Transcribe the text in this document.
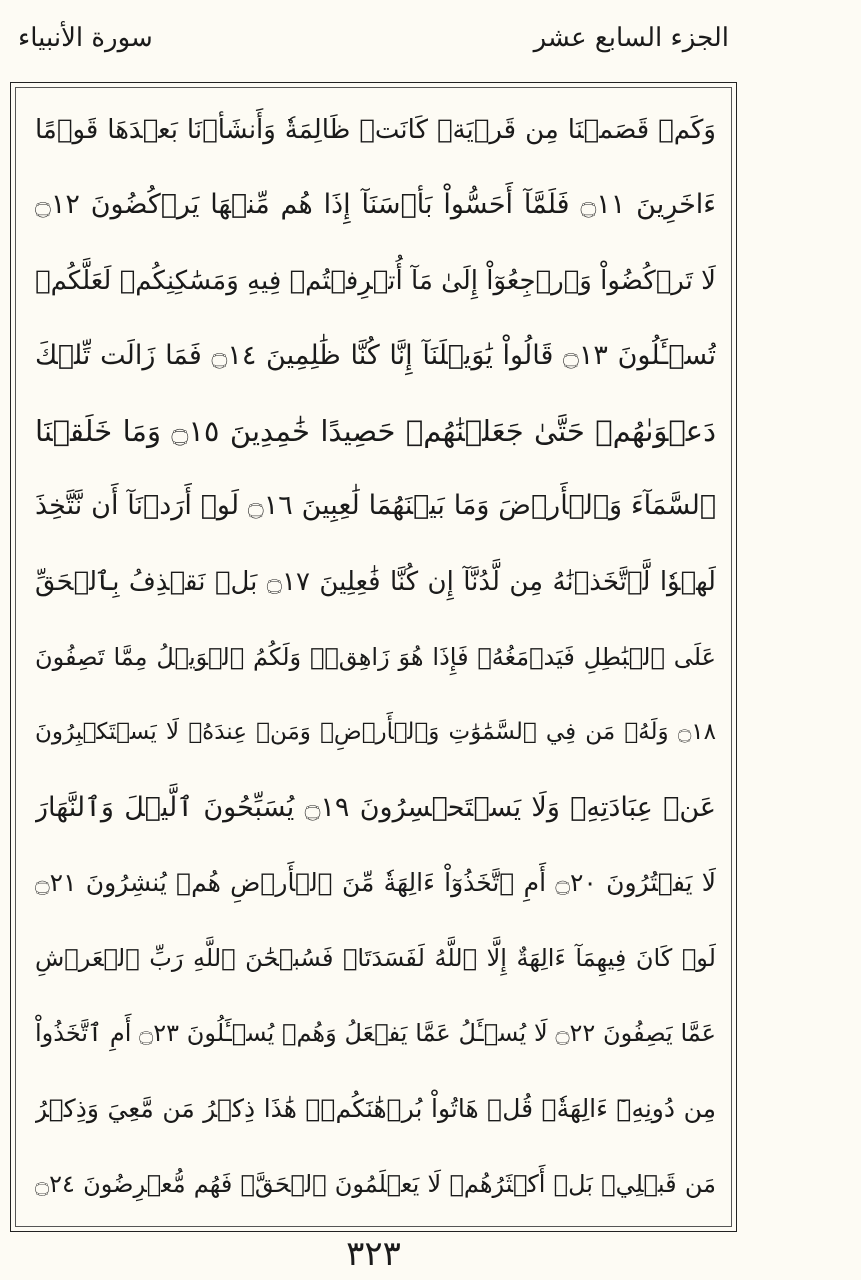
الجزء السابع عشر
سورة الأنبياء
وَكَمۡ قَصَمۡنَا مِن قَرۡيَةٖ كَانَتۡ ظَالِمَةٗ وَأَنشَأۡنَا بَعۡدَهَا قَوۡمًا
ءَاخَرِينَ ۝١١ فَلَمَّآ أَحَسُّواْ بَأۡسَنَآ إِذَا هُم مِّنۡهَا يَرۡكُضُونَ ۝١٢
لَا تَرۡكُضُواْ وَٱرۡجِعُوٓاْ إِلَىٰ مَآ أُتۡرِفۡتُمۡ فِيهِ وَمَسَٰكِنِكُمۡ لَعَلَّكُمۡ
تُسۡـَٔلُونَ ۝١٣ قَالُواْ يَٰوَيۡلَنَآ إِنَّا كُنَّا ظَٰلِمِينَ ۝١٤ فَمَا زَالَت تِّلۡكَ
دَعۡوَىٰهُمۡ حَتَّىٰ جَعَلۡنَٰهُمۡ حَصِيدًا خَٰمِدِينَ ۝١٥ وَمَا خَلَقۡنَا
ٱلسَّمَآءَ وَٱلۡأَرۡضَ وَمَا بَيۡنَهُمَا لَٰعِبِينَ ۝١٦ لَوۡ أَرَدۡنَآ أَن نَّتَّخِذَ
لَهۡوٗا لَّٱتَّخَذۡنَٰهُ مِن لَّدُنَّآ إِن كُنَّا فَٰعِلِينَ ۝١٧ بَلۡ نَقۡذِفُ بِٱلۡحَقِّ
عَلَى ٱلۡبَٰطِلِ فَيَدۡمَغُهُۥ فَإِذَا هُوَ زَاهِقٞۚ وَلَكُمُ ٱلۡوَيۡلُ مِمَّا تَصِفُونَ
۝١٨ وَلَهُۥ مَن فِي ٱلسَّمَٰوَٰتِ وَٱلۡأَرۡضِۚ وَمَنۡ عِندَهُۥ لَا يَسۡتَكۡبِرُونَ
عَنۡ عِبَادَتِهِۦ وَلَا يَسۡتَحۡسِرُونَ ۝١٩ يُسَبِّحُونَ ٱلَّيۡلَ وَٱلنَّهَارَ
لَا يَفۡتُرُونَ ۝٢٠ أَمِ ٱتَّخَذُوٓاْ ءَالِهَةٗ مِّنَ ٱلۡأَرۡضِ هُمۡ يُنشِرُونَ ۝٢١
لَوۡ كَانَ فِيهِمَآ ءَالِهَةٌ إِلَّا ٱللَّهُ لَفَسَدَتَاۚ فَسُبۡحَٰنَ ٱللَّهِ رَبِّ ٱلۡعَرۡشِ
عَمَّا يَصِفُونَ ۝٢٢ لَا يُسۡـَٔلُ عَمَّا يَفۡعَلُ وَهُمۡ يُسۡـَٔلُونَ ۝٢٣ أَمِ ٱتَّخَذُواْ
مِن دُونِهِۦٓ ءَالِهَةٗۖ قُلۡ هَاتُواْ بُرۡهَٰنَكُمۡۖ هَٰذَا ذِكۡرُ مَن مَّعِيَ وَذِكۡرُ
مَن قَبۡلِيۚ بَلۡ أَكۡثَرُهُمۡ لَا يَعۡلَمُونَ ٱلۡحَقَّۖ فَهُم مُّعۡرِضُونَ ۝٢٤
٣٢٣
